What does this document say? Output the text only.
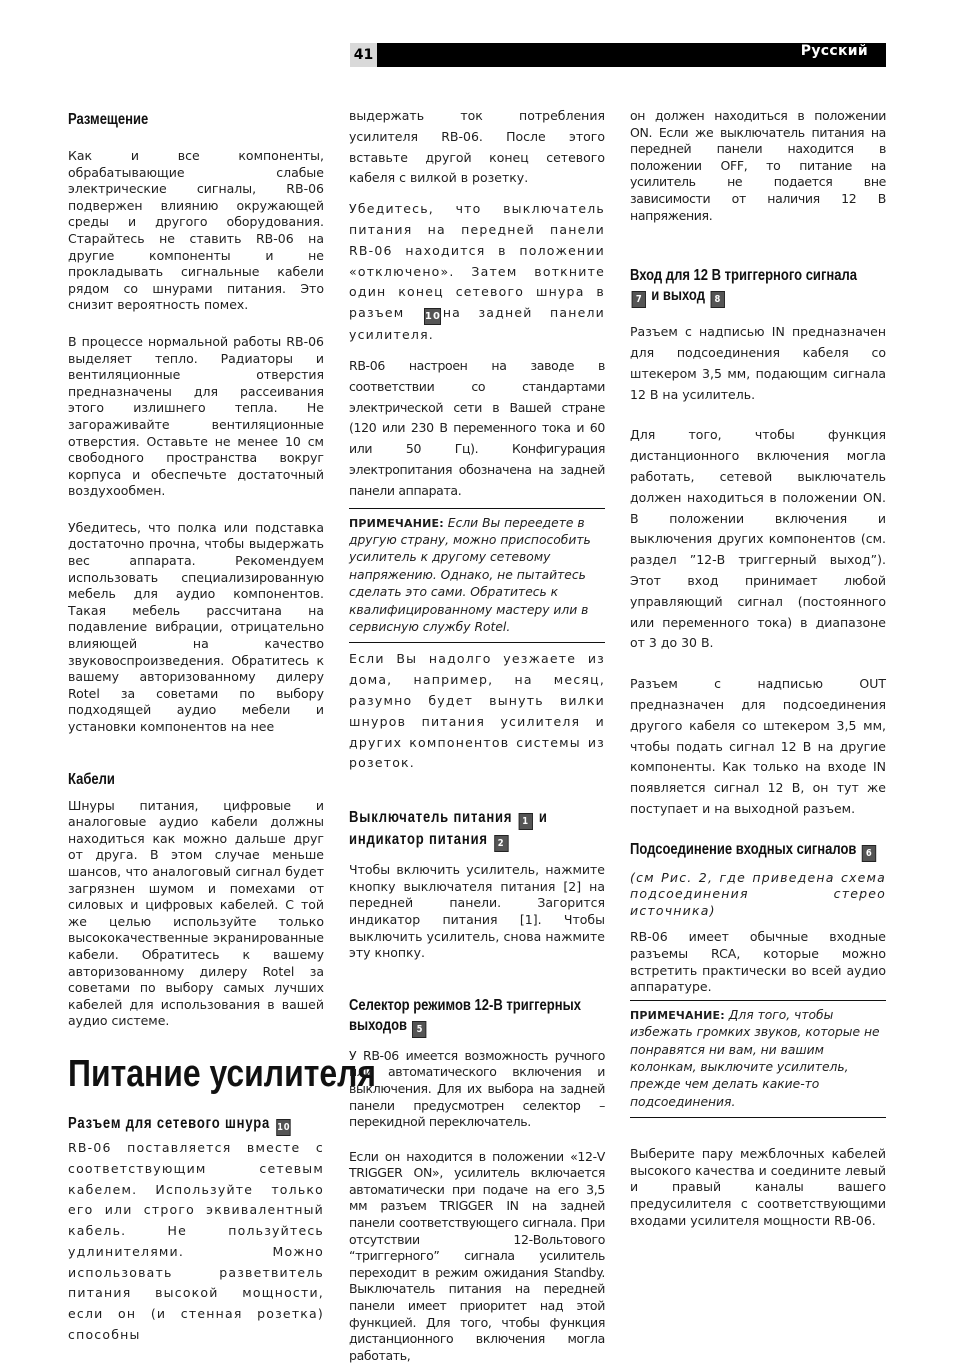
41	Русский
Размещение

Как и все компоненты, обрабатывающие слабые электрические сигналы, RB-06 подвержен влиянию окружающей среды и другого оборудования. Старайтесь не ставить RB-06 на другие компоненты и не прокладывать сигнальные кабели рядом со шнурами питания. Это снизит вероятность помех.

В процессе нормальной работы RB-06 выделяет тепло. Радиаторы и вентиляционные отверстия предназначены для рассеивания этого излишнего тепла. Не загораживайте вентиляционные отверстия. Оставьте не менее 10 см свободного пространства вокруг корпуса и обеспечьте достаточный воздухообмен.

Убедитесь, что полка или подставка достаточно прочна, чтобы выдержать вес аппарата. Рекомендуем использовать специализированную мебель для аудио компонентов. Такая мебель рассчитана на подавление вибрации, отрицательно влияющей на качество звуковоспроизведения. Обратитесь к вашему авторизованному дилеру Rotel за советами по выбору подходящей аудио мебели и установки компонентов на нее

Кабели

Шнуры питания, цифровые и аналоговые аудио кабели должны находиться как можно дальше друг от друга. В этом случае меньше шансов, что аналоговый сигнал будет загрязнен шумом и помехами от силовых и цифровых кабелей. С той же целью используйте только высококачественные экранированные кабели. Обратитесь к вашему авторизованному дилеру Rotel за советами по выбору самых лучших кабелей для использования в вашей аудио системе.

Питание усилителя
Разъем для сетевого шнура 10

RB-06 поставляется вместе с соответствующим сетевым кабелем. Используйте только его или строго эквивалентный кабель. Не пользуйтесь удлинителями. Можно использовать разветвитель питания высокой мощности, если он (и стенная розетка) способны

выдержать ток потребления усилителя RB-06. После этого вставьте другой конец сетевого кабеля с вилкой в розетку.

Убедитесь, что выключатель питания на передней панели RB-06 находится в положении «отключено». Затем воткните один конец сетевого шнура в разъем 10 на задней панели усилителя.

RB-06 настроен на заводе в соответствии со стандартами электрической сети в Вашей стране (120 или 230 В переменного тока и 60 или 50 Гц). Конфигурация электропитания обозначена на задней панели аппарата.

ПРИМЕЧАНИЕ: Если Вы переедете в другую страну, можно приспособить усилитель к другому сетевому напряжению. Однако, не пытайтесь сделать это сами. Обратитесь к квалифицированному мастеру или в сервисную службу Rotel.

Если Вы надолго уезжаете из дома, например, на месяц, разумно будет вынуть вилки шнуров питания усилителя и других компонентов системы из розеток.

Выключатель питания 1 и
индикатор питания 2

Чтобы включить усилитель, нажмите кнопку выключателя питания [2] на передней панели. Загорится индикатор питания [1]. Чтобы выключить усилитель, снова нажмите эту кнопку.

Селектор режимов 12-В триггерных
выходов 5

У RB-06 имеется возможность ручного или автоматического включения и выключения. Для их выбора на задней панели предусмотрен селектор – перекидной переключатель.

Если он находится в положении «12-V TRIGGER ON», усилитель включается автоматически при подаче на его 3,5 мм разъем TRIGGER IN на задней панели соответствующего сигнала. При отсутствии 12-Вольтового “триггерного” сигнала усилитель переходит в режим ожидания Standby. Выключатель питания на передней панели имеет приоритет над этой функцией. Для того, чтобы функция дистанционного включения могла работать,

он должен находиться в положении ON. Если же выключатель питания на передней панели находится в положении OFF, то питание на усилитель не подается вне зависимости от наличия 12 В напряжения.

Вход для 12 В триггерного сигнала
7 и выход 8

Разъем с надписью IN предназначен для подсоединения кабеля со штекером 3,5 мм, подающим сигнала 12 В на усилитель.

Для того, чтобы функция дистанционного включения могла работать, сетевой выключатель должен находиться в положении ON. В положении включения и выключения других компонентов (см. раздел ”12-В триггерный выход”). Этот вход принимает любой управляющий сигнал (постоянного или переменного тока) в диапазоне от 3 до 30 В.

Разъем с надписью OUT предназначен для подсоединения другого кабеля со штекером 3,5 мм, чтобы подать сигнал 12 В на другие компоненты. Как только на входе IN появляется сигнал 12 В, он тут же поступает и на выходной разъем.

Подсоединение входных сигналов 6

(см Рис. 2, где приведена схема подсоединения стерео источника)

RB-06 имеет обычные входные разъемы RCA, которые можно встретить практически во всей аудио аппаратуре.

ПРИМЕЧАНИЕ: Для того, чтобы избежать громких звуков, которые не понравятся ни вам, ни вашим колонкам, выключите усилитель, прежде чем делать какие-то подсоединения.

Выберите пару межблочных кабелей высокого качества и соедините левый и правый каналы вашего предусилителя с соответствующими входами усилителя мощности RB-06.
